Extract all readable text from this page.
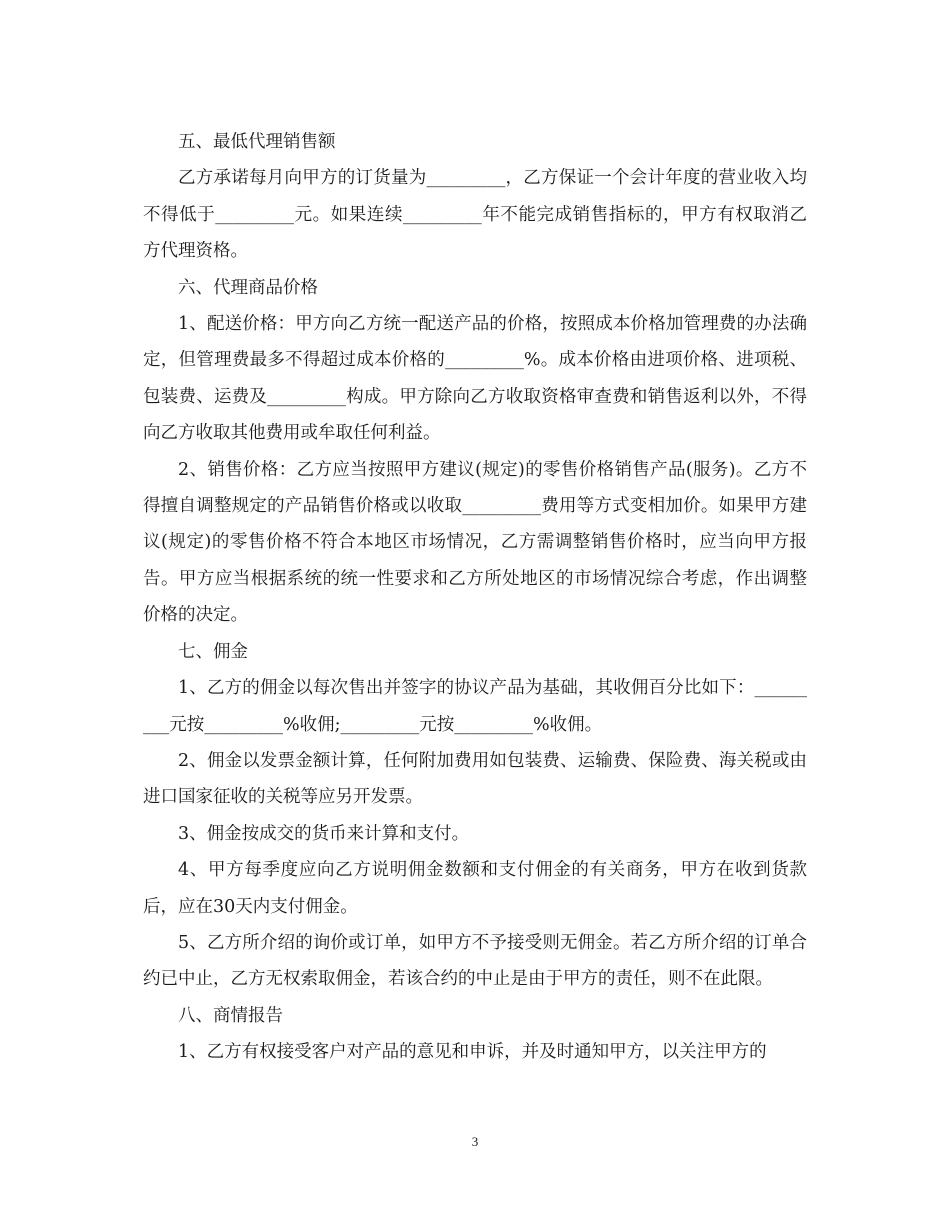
五、最低代理销售额

乙方承诺每月向甲方的订货量为_________，乙方保证一个会计年度的营业收入均不得低于_________元。如果连续_________年不能完成销售指标的，甲方有权取消乙方代理资格。

六、代理商品价格

1、配送价格：甲方向乙方统一配送产品的价格，按照成本价格加管理费的办法确定，但管理费最多不得超过成本价格的_________%。成本价格由进项价格、进项税、包装费、运费及_________构成。甲方除向乙方收取资格审查费和销售返利以外，不得向乙方收取其他费用或牟取任何利益。

2、销售价格：乙方应当按照甲方建议(规定)的零售价格销售产品(服务)。乙方不得擅自调整规定的产品销售价格或以收取_________费用等方式变相加价。如果甲方建议(规定)的零售价格不符合本地区市场情况，乙方需调整销售价格时，应当向甲方报告。甲方应当根据系统的统一性要求和乙方所处地区的市场情况综合考虑，作出调整价格的决定。

七、佣金

1、乙方的佣金以每次售出并签字的协议产品为基础，其收佣百分比如下：_________元按_________%收佣;_________元按_________%收佣。

2、佣金以发票金额计算，任何附加费用如包装费、运输费、保险费、海关税或由进口国家征收的关税等应另开发票。

3、佣金按成交的货币来计算和支付。

4、甲方每季度应向乙方说明佣金数额和支付佣金的有关商务，甲方在收到货款后，应在30天内支付佣金。

5、乙方所介绍的询价或订单，如甲方不予接受则无佣金。若乙方所介绍的订单合约已中止，乙方无权索取佣金，若该合约的中止是由于甲方的责任，则不在此限。

八、商情报告

1、乙方有权接受客户对产品的意见和申诉，并及时通知甲方，以关注甲方的

3
